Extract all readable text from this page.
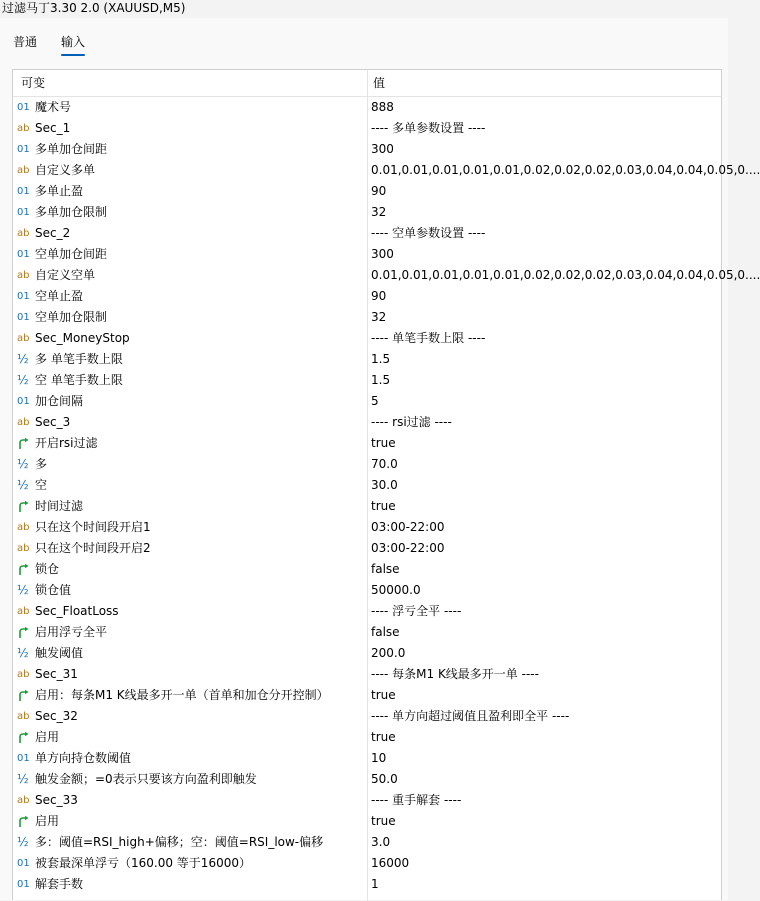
过滤马丁3.30 2.0 (XAUUSD,M5)
普通 输入
可变	值
01 魔术号	888
ab Sec_1	---- 多单参数设置 ----
01 多单加仓间距	300
ab 自定义多单	0.01,0.01,0.01,0.01,0.01,0.02,0.02,0.02,0.03,0.04,0.04,0.05,0....
01 多单止盈	90
01 多单加仓限制	32
ab Sec_2	---- 空单参数设置 ----
01 空单加仓间距	300
ab 自定义空单	0.01,0.01,0.01,0.01,0.01,0.02,0.02,0.02,0.03,0.04,0.04,0.05,0....
01 空单止盈	90
01 空单加仓限制	32
ab Sec_MoneyStop	---- 单笔手数上限 ----
½ 多 单笔手数上限	1.5
½ 空 单笔手数上限	1.5
01 加仓间隔	5
ab Sec_3	---- rsi过滤 ----
开启rsi过滤	true
½ 多	70.0
½ 空	30.0
时间过滤	true
ab 只在这个时间段开启1	03:00-22:00
ab 只在这个时间段开启2	03:00-22:00
锁仓	false
½ 锁仓值	50000.0
ab Sec_FloatLoss	---- 浮亏全平 ----
启用浮亏全平	false
½ 触发阈值	200.0
ab Sec_31	---- 每条M1 K线最多开一单 ----
启用：每条M1 K线最多开一单（首单和加仓分开控制）	true
ab Sec_32	---- 单方向超过阈值且盈利即全平 ----
启用	true
01 单方向持仓数阈值	10
½ 触发金额；=0表示只要该方向盈利即触发	50.0
ab Sec_33	---- 重手解套 ----
启用	true
½ 多：阈值=RSI_high+偏移；空：阈值=RSI_low-偏移	3.0
01 被套最深单浮亏（160.00 等于16000）	16000
01 解套手数	1
